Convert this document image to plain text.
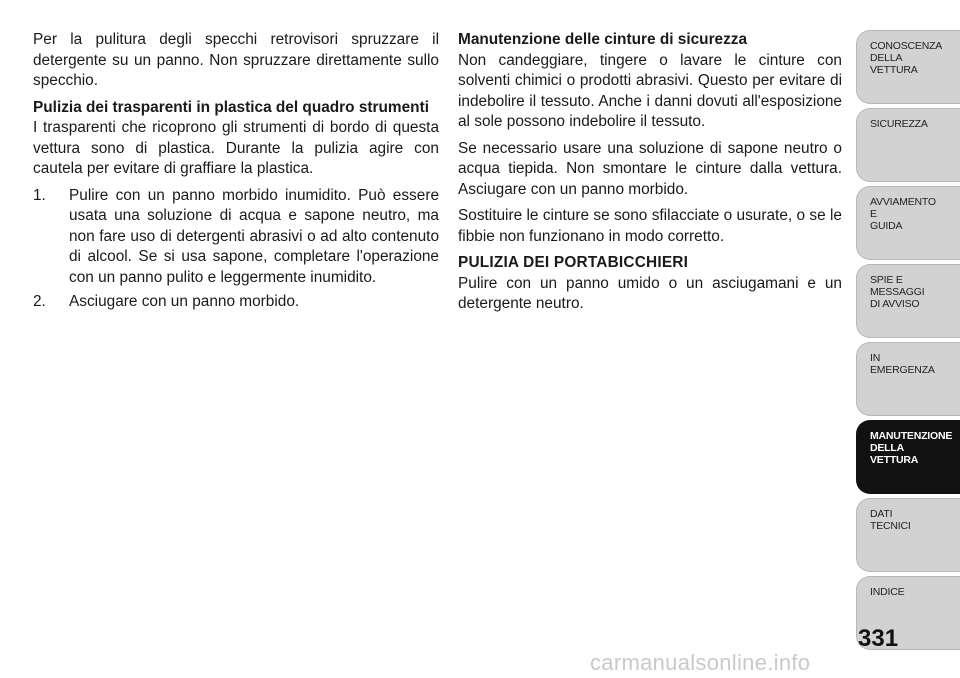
Per la pulitura degli specchi retrovisori spruzzare il detergente su un panno. Non spruzzare direttamente sullo specchio.

Pulizia dei trasparenti in plastica del quadro strumenti

I trasparenti che ricoprono gli strumenti di bordo di questa vettura sono di plastica. Durante la pulizia agire con cautela per evitare di graffiare la plastica.

1.	Pulire con un panno morbido inumidito. Può essere usata una soluzione di acqua e sapone neutro, ma non fare uso di detergenti abrasivi o ad alto contenuto di alcool. Se si usa sapone, completare l'operazione con un panno pulito e leggermente inumidito.
2.	Asciugare con un panno morbido.
Manutenzione delle cinture di sicurezza

Non candeggiare, tingere o lavare le cinture con solventi chimici o prodotti abrasivi. Questo per evitare di indebolire il tessuto. Anche i danni dovuti all'esposizione al sole possono indebolire il tessuto.

Se necessario usare una soluzione di sapone neutro o acqua tiepida. Non smontare le cinture dalla vettura. Asciugare con un panno morbido.

Sostituire le cinture se sono sfilacciate o usurate, o se le fibbie non funzionano in modo corretto.

PULIZIA DEI PORTABICCHIERI

Pulire con un panno umido o un asciugamani e un detergente neutro.

CONOSCENZA
DELLA
VETTURA
SICUREZZA
AVVIAMENTO
E
GUIDA
SPIE E
MESSAGGI
DI AVVISO
IN
EMERGENZA
MANUTENZIONE
DELLA
VETTURA
DATI
TECNICI
INDICE
331
carmanualsonline.info
